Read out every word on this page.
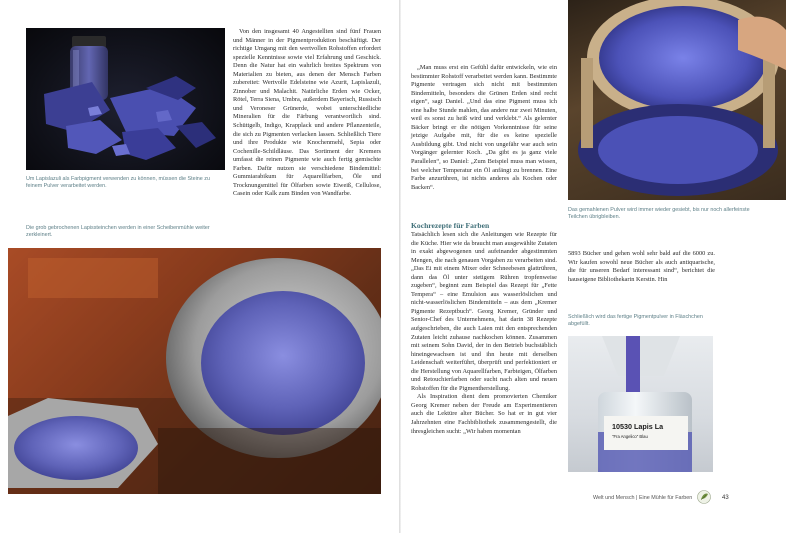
Um Lapislazuli als Farbpigment verwenden zu können, müssen die Steine zu feinem Pulver verarbeitet werden.
Die grob gebrochenen Lapissteinchen werden in einer Scheibenmühle weiter zerkleinert.

Von den insgesamt 40 Angestellten sind fünf Frauen und Männer in der Pigmentproduktion beschäftigt. Der richtige Umgang mit den wertvollen Rohstoffen erfordert spezielle Kenntnisse sowie viel Erfahrung und Geschick. Denn die Natur hat ein wahrlich breites Spektrum von Materialien zu bieten, aus denen der Mensch Farben zubereitet: Wertvolle Edelsteine wie Azurit, Lapislazuli, Zinnober und Malachit. Natürliche Erden wie Ocker, Rötel, Terra Siena, Umbra, außerdem Bayerisch, Russisch und Veroneser Grünerde, wobei unterschiedliche Mineralien für die Färbung verantwortlich sind. Schüttgelb, Indigo, Krapplack und andere Pflanzenteile, die sich zu Pigmenten verlacken lassen. Schließlich Tiere und ihre Produkte wie Knochenmehl, Sepia oder Cochenille-Schildläuse. Das Sortiment der Kremers umfasst die reinen Pigmente wie auch fertig gemischte Farben. Dafür nutzen sie verschiedene Bindemittel: Gummiarabikum für Aquarellfarben, Öle und Trocknungsmittel für Ölfarben sowie Eiweiß, Cellulose, Casein oder Kalk zum Binden von Wandfarbe.

„Man muss erst ein Gefühl dafür entwickeln, wie ein bestimmter Rohstoff verarbeitet werden kann. Bestimmte Pigmente vertragen sich nicht mit bestimmten Bindemitteln, besonders die Grünen Erden sind recht eigen“, sagt Daniel. „Und das eine Pigment muss ich eine halbe Stunde mahlen, das andere nur zwei Minuten, weil es sonst zu heiß wird und verklebt.“ Als gelernter Bäcker bringt er die nötigen Vorkenntnisse für seine jetzige Aufgabe mit, für die es keine spezielle Ausbildung gibt. Und nicht von ungefähr war auch sein Vorgänger gelernter Koch. „Da gibt es ja ganz viele Parallelen“, so Daniel: „Zum Beispiel muss man wissen, bei welcher Temperatur ein Öl anfängt zu brennen. Eine Farbe anzurühren, ist nichts anderes als Kochen oder Backen“.

Kochrezepte für Farben

Tatsächlich lesen sich die Anleitungen wie Rezepte für die Küche. Hier wie da braucht man ausgewählte Zutaten in exakt abgewogenen und aufeinander abgestimmten Mengen, die nach genauen Vorgaben zu verarbeiten sind. „Das Ei mit einem Mixer oder Schneebesen glattrühren, dann das Öl unter stetigem Rühren tropfenweise zugeben“, beginnt zum Beispiel das Rezept für „Fette Tempera“ – eine Emulsion aus wasserlöslichen und nicht-wasserlöslichen Bindemitteln – aus dem „Kremer Pigmente Rezeptbuch“. Georg Kremer, Gründer und Senior-Chef des Unternehmens, hat darin 38 Rezepte aufgeschrieben, die auch Laien mit den entsprechenden Zutaten leicht zuhause nachkochen können. Zusammen mit seinem Sohn David, der in den Betrieb buchstäblich hineingewachsen ist und ihn heute mit derselben Leidenschaft weiterführt, überprüft und perfektioniert er die Herstellung von Aquarellfarben, Farbteigen, Ölfarben und Retouchierfarben oder sucht nach alten und neuen Rohstoffen für die Pigmentherstellung.

Als Inspiration dient dem promovierten Chemiker Georg Kremer neben der Freude am Experimentieren auch die Lektüre alter Bücher. So hat er in gut vier Jahrzehnten eine Fachbibliothek zusammengestellt, die ihresgleichen sucht: „Wir haben momentan

Das gemahlenen Pulver wird immer wieder gesiebt, bis nur noch allerfeinste Teilchen übrigbleiben.

5893 Bücher und gehen wohl sehr bald auf die 6000 zu. Wir kaufen sowohl neue Bücher als auch antiquarische, die für unseren Bedarf interessant sind“, berichtet die hauseigene Bibliothekarin Kerstin. Hin

Schließlich wird das fertige Pigmentpulver in Fläschchen abgefüllt.
10530 Lapis La
"Fra Angelico" Blau
Welt und Mensch | Eine Mühle für Farben	43
